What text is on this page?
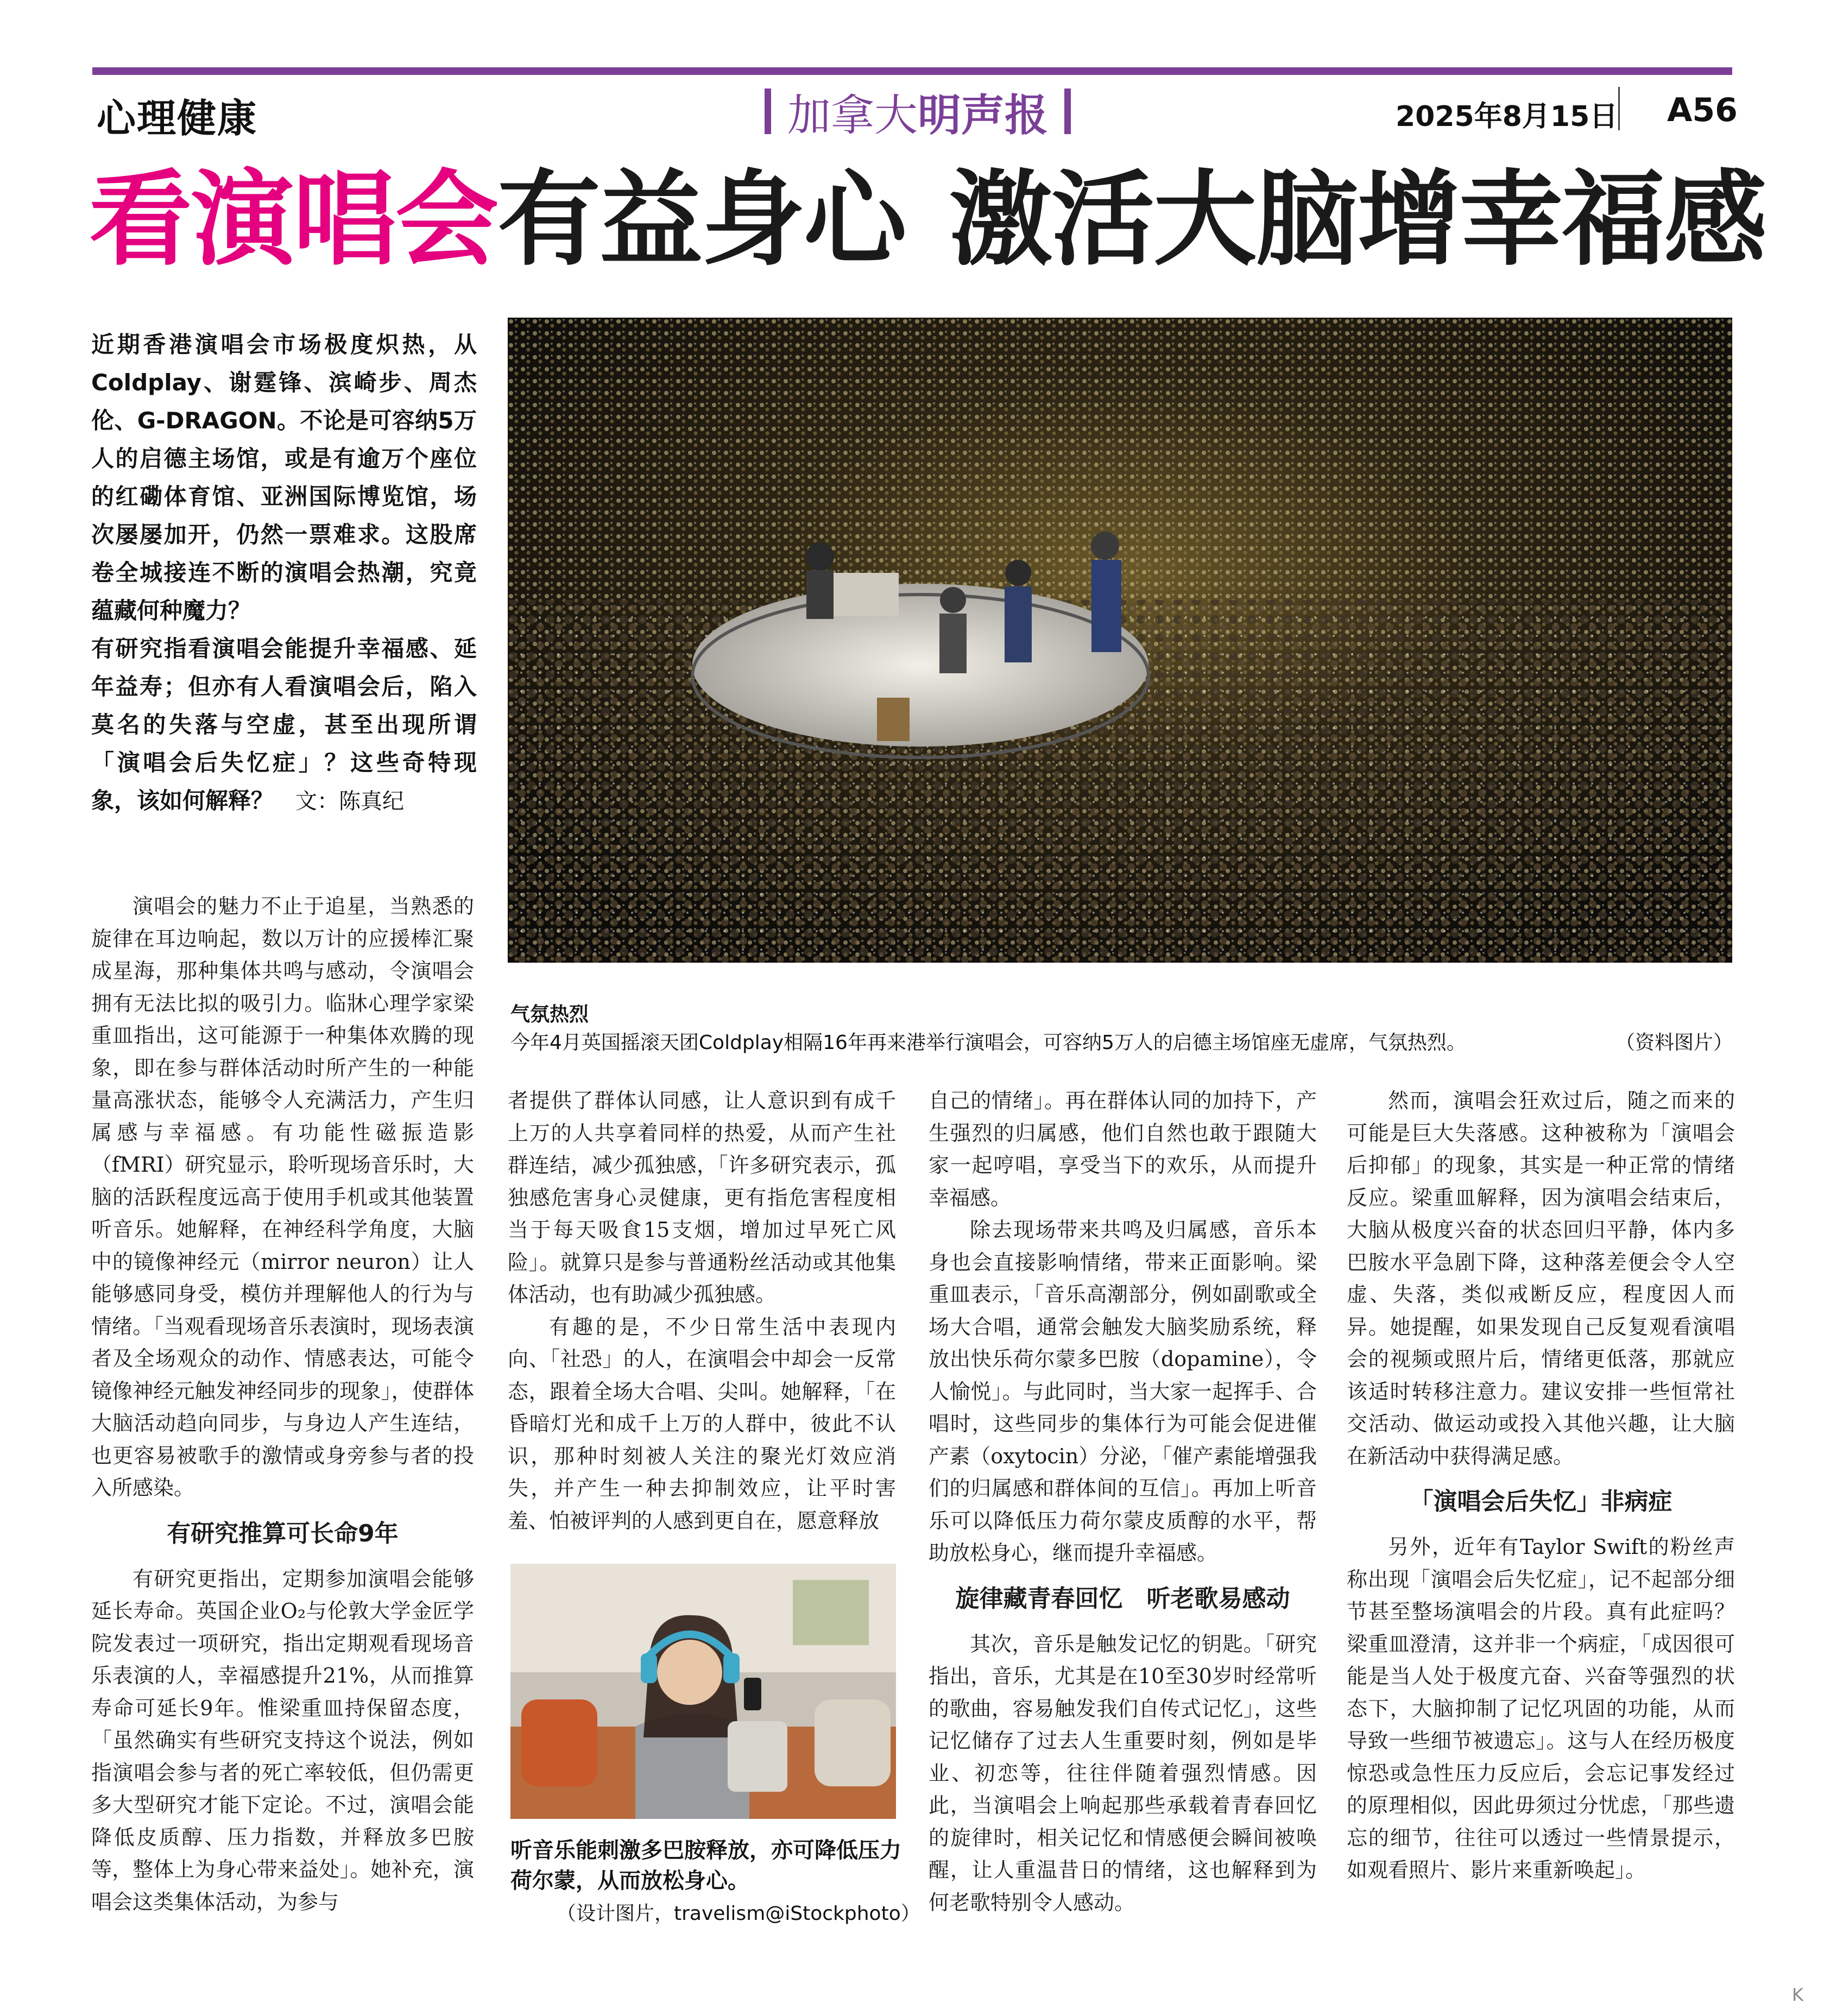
心理健康	加拿大明声报	2025年8月15日 A56
看演唱会有益身心 激活大脑增幸福感

近期香港演唱会市场极度炽热，从Coldplay、谢霆锋、滨崎步、周杰伦、G-DRAGON。不论是可容纳5万人的启德主场馆，或是有逾万个座位的红磡体育馆、亚洲国际博览馆，场次屡屡加开，仍然一票难求。这股席卷全城接连不断的演唱会热潮，究竟蕴藏何种魔力？

有研究指看演唱会能提升幸福感、延年益寿；但亦有人看演唱会后，陷入莫名的失落与空虚，甚至出现所谓「演唱会后失忆症」？这些奇特现象，该如何解释？ 文：陈真纪

气氛热烈
今年4月英国摇滚天团Coldplay相隔16年再来港举行演唱会，可容纳5万人的启德主场馆座无虚席，气氛热烈。	（资料图片）

演唱会的魅力不止于追星，当熟悉的旋律在耳边响起，数以万计的应援棒汇聚成星海，那种集体共鸣与感动，令演唱会拥有无法比拟的吸引力。临牀心理学家梁重皿指出，这可能源于一种集体欢腾的现象，即在参与群体活动时所产生的一种能量高涨状态，能够令人充满活力，产生归属感与幸福感。有功能性磁振造影（fMRI）研究显示，聆听现场音乐时，大脑的活跃程度远高于使用手机或其他装置听音乐。她解释，在神经科学角度，大脑中的镜像神经元（mirror neuron）让人能够感同身受，模仿并理解他人的行为与情绪。「当观看现场音乐表演时，现场表演者及全场观众的动作、情感表达，可能令镜像神经元触发神经同步的现象」，使群体大脑活动趋向同步，与身边人产生连结，也更容易被歌手的激情或身旁参与者的投入所感染。

有研究推算可长命9年

有研究更指出，定期参加演唱会能够延长寿命。英国企业O₂与伦敦大学金匠学院发表过一项研究，指出定期观看现场音乐表演的人，幸福感提升21%，从而推算寿命可延长9年。惟梁重皿持保留态度，「虽然确实有些研究支持这个说法，例如指演唱会参与者的死亡率较低，但仍需更多大型研究才能下定论。不过，演唱会能降低皮质醇、压力指数，并释放多巴胺等，整体上为身心带来益处」。她补充，演唱会这类集体活动，为参与

者提供了群体认同感，让人意识到有成千上万的人共享着同样的热爱，从而产生社群连结，减少孤独感，「许多研究表示，孤独感危害身心灵健康，更有指危害程度相当于每天吸食15支烟，增加过早死亡风险」。就算只是参与普通粉丝活动或其他集体活动，也有助减少孤独感。

有趣的是，不少日常生活中表现内向、「社恐」的人，在演唱会中却会一反常态，跟着全场大合唱、尖叫。她解释，「在昏暗灯光和成千上万的人群中，彼此不认识，那种时刻被人关注的聚光灯效应消失，并产生一种去抑制效应，让平时害羞、怕被评判的人感到更自在，愿意释放

听音乐能刺激多巴胺释放，亦可降低压力荷尔蒙，从而放松身心。
（设计图片，travelism@iStockphoto）

自己的情绪」。再在群体认同的加持下，产生强烈的归属感，他们自然也敢于跟随大家一起哼唱，享受当下的欢乐，从而提升幸福感。

除去现场带来共鸣及归属感，音乐本身也会直接影响情绪，带来正面影响。梁重皿表示，「音乐高潮部分，例如副歌或全场大合唱，通常会触发大脑奖励系统，释放出快乐荷尔蒙多巴胺（dopamine），令人愉悦」。与此同时，当大家一起挥手、合唱时，这些同步的集体行为可能会促进催产素（oxytocin）分泌，「催产素能增强我们的归属感和群体间的互信」。再加上听音乐可以降低压力荷尔蒙皮质醇的水平，帮助放松身心，继而提升幸福感。

旋律藏青春回忆　听老歌易感动

其次，音乐是触发记忆的钥匙。「研究指出，音乐，尤其是在10至30岁时经常听的歌曲，容易触发我们自传式记忆」，这些记忆储存了过去人生重要时刻，例如是毕业、初恋等，往往伴随着强烈情感。因此，当演唱会上响起那些承载着青春回忆的旋律时，相关记忆和情感便会瞬间被唤醒，让人重温昔日的情绪，这也解释到为何老歌特别令人感动。

然而，演唱会狂欢过后，随之而来的可能是巨大失落感。这种被称为「演唱会后抑郁」的现象，其实是一种正常的情绪反应。梁重皿解释，因为演唱会结束后，大脑从极度兴奋的状态回归平静，体内多巴胺水平急剧下降，这种落差便会令人空虚、失落，类似戒断反应，程度因人而异。她提醒，如果发现自己反复观看演唱会的视频或照片后，情绪更低落，那就应该适时转移注意力。建议安排一些恒常社交活动、做运动或投入其他兴趣，让大脑在新活动中获得满足感。

「演唱会后失忆」非病症

另外，近年有Taylor Swift的粉丝声称出现「演唱会后失忆症」，记不起部分细节甚至整场演唱会的片段。真有此症吗？梁重皿澄清，这并非一个病症，「成因很可能是当人处于极度亢奋、兴奋等强烈的状态下，大脑抑制了记忆巩固的功能，从而导致一些细节被遗忘」。这与人在经历极度惊恐或急性压力反应后，会忘记事发经过的原理相似，因此毋须过分忧虑，「那些遗忘的细节，往往可以透过一些情景提示，如观看照片、影片来重新唤起」。

K
